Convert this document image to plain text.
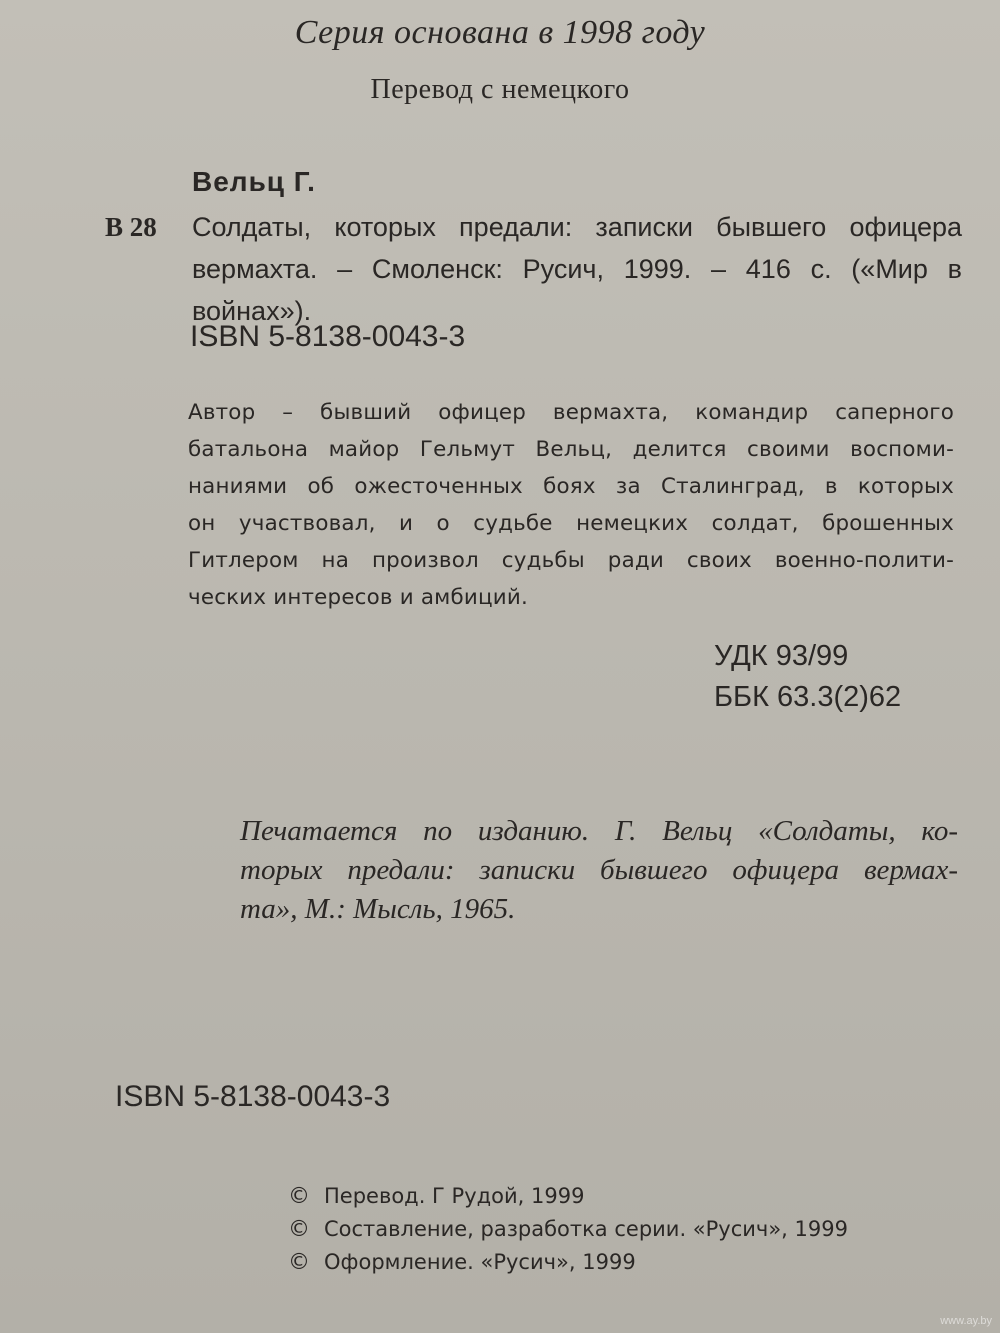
Серия основана в 1998 году
Перевод с немецкого
Вельц Г.
В 28 Солдаты, которых предали: записки бывшего офицера
вермахта. – Смоленск: Русич, 1999. – 416 с. («Мир в
войнах»).
ISBN 5-8138-0043-3
Автор – бывший офицер вермахта, командир саперного
батальона майор Гельмут Вельц, делится своими воспоми-
наниями об ожесточенных боях за Сталинград, в которых
он участвовал, и о судьбе немецких солдат, брошенных
Гитлером на произвол судьбы ради своих военно-полити-
ческих интересов и амбиций.
УДК 93/99
ББК 63.3(2)62
Печатается по изданию. Г. Вельц «Солдаты, ко-
торых предали: записки бывшего офицера вермах-
та», М.: Мысль, 1965.
ISBN 5-8138-0043-3
© Перевод. Г Рудой, 1999
© Составление, разработка серии. «Русич», 1999
© Оформление. «Русич», 1999
www.ay.by
